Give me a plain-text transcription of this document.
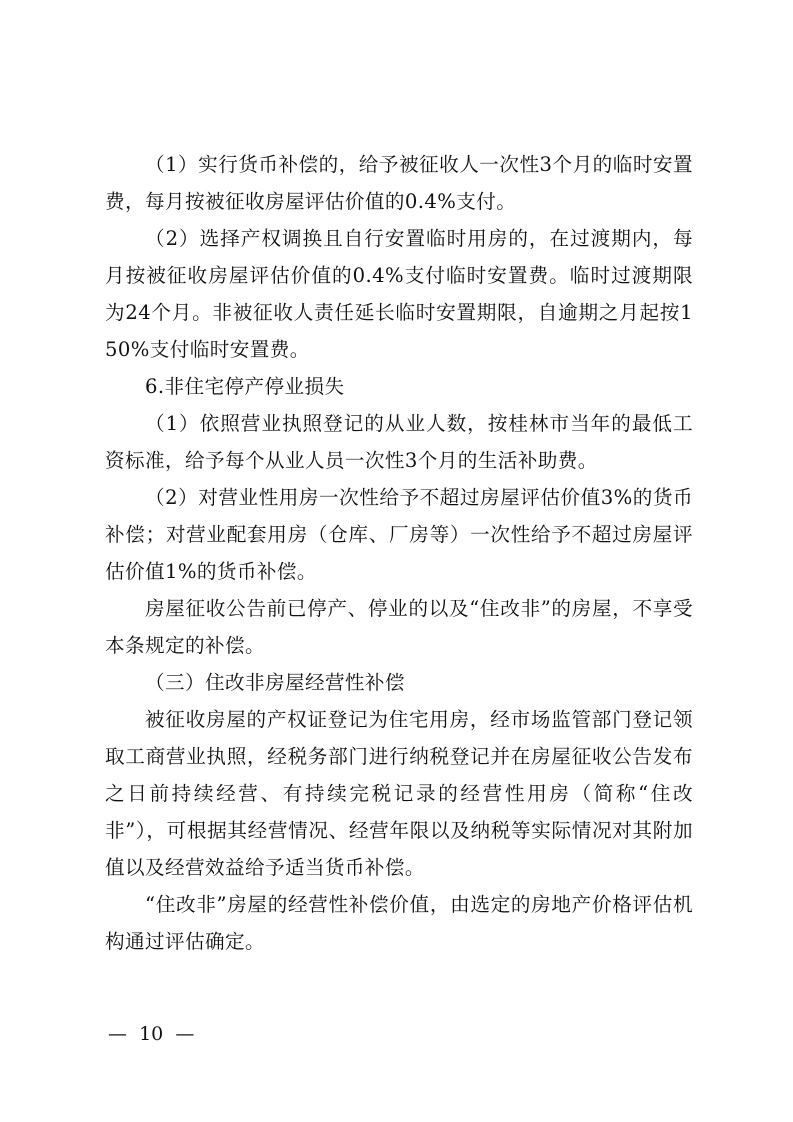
（1）实行货币补偿的，给予被征收人一次性3个月的临时安置费，每月按被征收房屋评估价值的0.4%支付。

（2）选择产权调换且自行安置临时用房的，在过渡期内，每月按被征收房屋评估价值的0.4%支付临时安置费。临时过渡期限为24个月。非被征收人责任延长临时安置期限，自逾期之月起按150%支付临时安置费。

6.非住宅停产停业损失

（1）依照营业执照登记的从业人数，按桂林市当年的最低工资标准，给予每个从业人员一次性3个月的生活补助费。

（2）对营业性用房一次性给予不超过房屋评估价值3%的货币补偿；对营业配套用房（仓库、厂房等）一次性给予不超过房屋评估价值1%的货币补偿。

房屋征收公告前已停产、停业的以及“住改非”的房屋，不享受本条规定的补偿。

（三）住改非房屋经营性补偿

被征收房屋的产权证登记为住宅用房，经市场监管部门登记领取工商营业执照，经税务部门进行纳税登记并在房屋征收公告发布之日前持续经营、有持续完税记录的经营性用房（简称“住改非”），可根据其经营情况、经营年限以及纳税等实际情况对其附加值以及经营效益给予适当货币补偿。

“住改非”房屋的经营性补偿价值，由选定的房地产价格评估机构通过评估确定。

—  10  —
